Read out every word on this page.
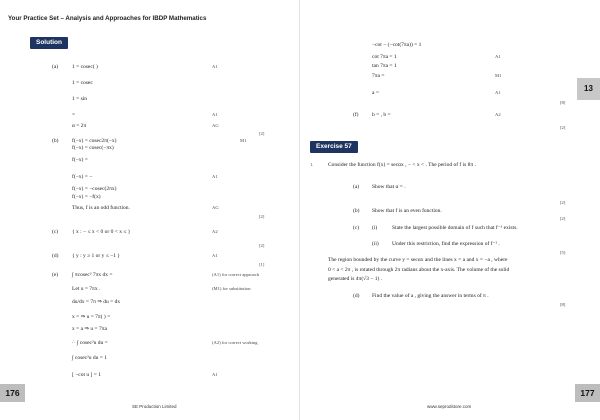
Your Practice Set – Analysis and Approaches for IBDP Mathematics
Solution
(a)	1 = cosec( )	A1
1 = cosec
1 = sin
=	A1
α = 2π	AG
[2]
(b) f(−x) = cosec2π(−x)	M1
f(−x) = cosec(−πx)
f(−x) =
f(−x) = −	A1
f(−x) = −cosec(2πx)
f(−x) = −f(x)
Thus, f is an odd function.	AG
[2]
(c)	{ x : − ≤ x < 0 or 0 < x ≤ }	A2
[2]
(d) { y : y ≥ 1 or y ≤ −1 }	A1
[1]
(e)	∫ πcosec² 7πx dx =	(A1) for correct approach
Let u = 7πx .	(M1) for substitution
du/dx = 7π ⇒ du = dx
x = ⇒ u = 7π( ) =
x = a ⇒ u = 7πa
∴ ∫ cosec²u du =	(A2) for correct working
∫ cosec²u du = 1
[ −cot u ] = 1	A1
176
SE Production Limited
−cot − (−cot(7πa)) = 1
cot 7πa = 1	A1
tan 7πa = 1
7πa =	M1
a =	A1
[8]
(f) b = , b =	A2
[2]
1.	Consider the function f(x) = secαx , − < x < . The period of f is 8π .
(a) Show that α = .
[2]
(b) Show that f is an even function.
[2]
(c) (i)	State the largest possible domain of f such that f⁻¹ exists.
(ii) Under this restriction, find the expression of f⁻¹ .
[5]
The region bounded by the curve y = secαx and the lines x = a and x = −a , where
0 < a < 2π , is rotated through 2π radians about the x-axis. The volume of the solid
generated is 4π(√3 − 1) .
(d) Find the value of a , giving the answer in terms of π .
[8]
Exercise 57
13
177
www.seprodstore.com
